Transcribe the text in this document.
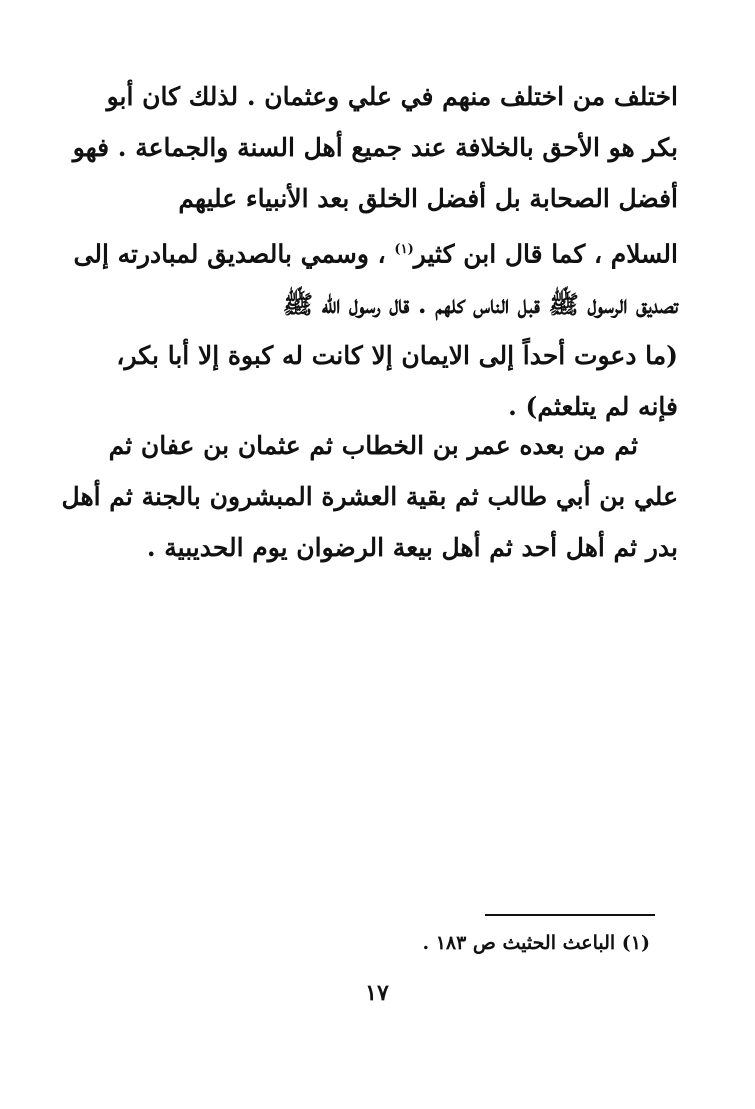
اختلف من اختلف منهم في علي وعثمان . لذلك كان أبو
بكر هو الأحق بالخلافة عند جميع أهل السنة والجماعة . فهو
أفضل الصحابة بل أفضل الخلق بعد الأنبياء عليهم
السلام ، كما قال ابن كثير$^{(١)}$ ، وسمي بالصديق لمبادرته إلى
تصديق الرسول ﷺ قبل الناس كلهم . قال رسول الله ﷺ
(ما دعوت أحداً إلى الايمان إلا كانت له كبوة إلا أبا بكر،
فإنه لم يتلعثم) .
ثم من بعده عمر بن الخطاب ثم عثمان بن عفان ثم
علي بن أبي طالب ثم بقية العشرة المبشرون بالجنة ثم أهل
بدر ثم أهل أحد ثم أهل بيعة الرضوان يوم الحديبية .
(١) الباعث الحثيث ص ١٨٣ .
١٧
